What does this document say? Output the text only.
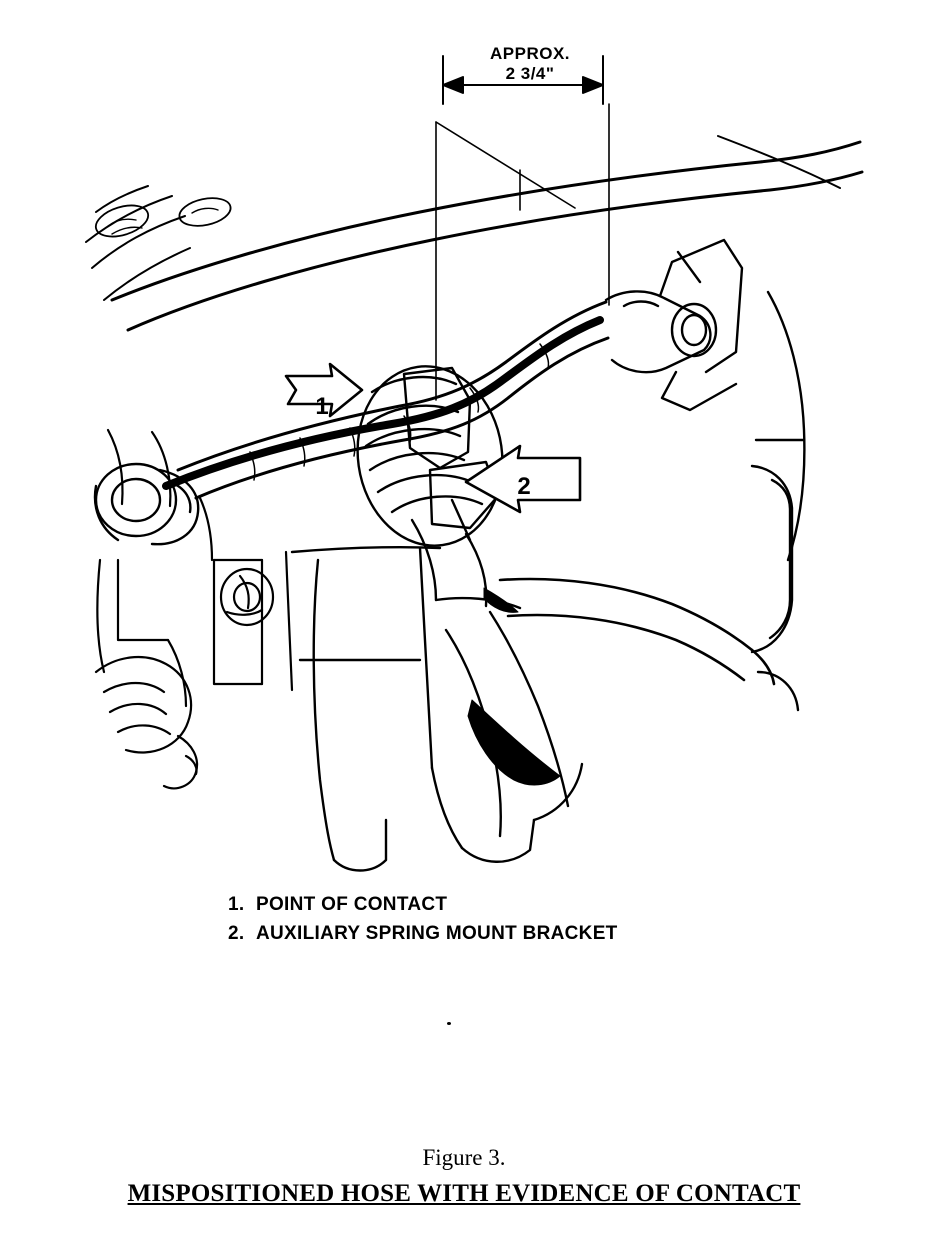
APPROX.
2 3/4"
1
2
1. POINT OF CONTACT
2. AUXILIARY SPRING MOUNT BRACKET
Figure 3.
MISPOSITIONED HOSE WITH EVIDENCE OF CONTACT
